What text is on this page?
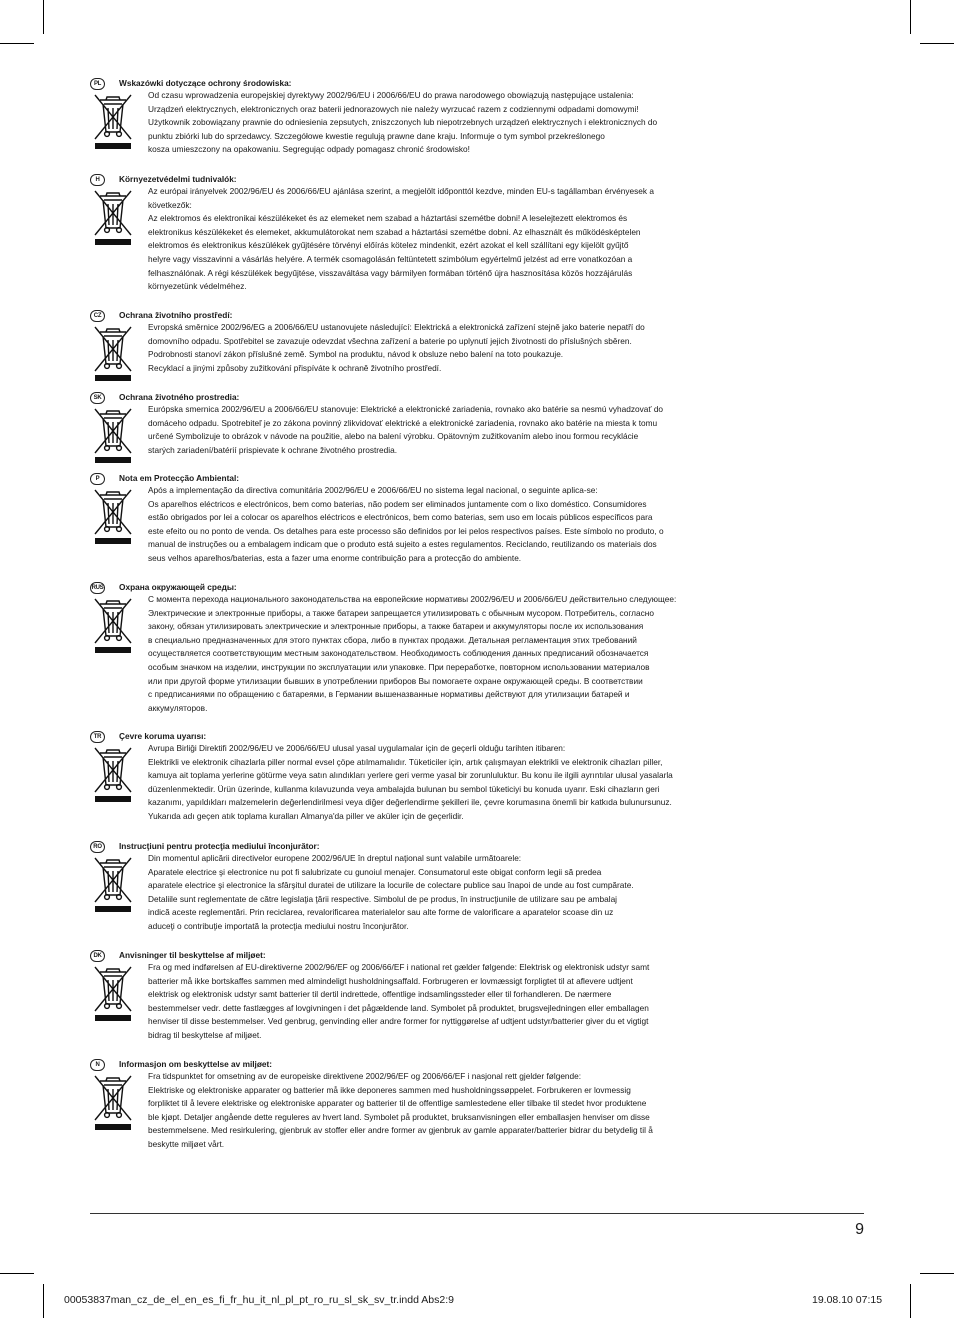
PL	Wskazówki dotyczące ochrony środowiska:
Od czasu wprowadzenia europejskiej dyrektywy 2002/96/EU i 2006/66/EU do prawa narodowego obowiązują następujące ustalenia:
Urządzeń elektrycznych, elektronicznych oraz baterii jednorazowych nie należy wyrzucać razem z codziennymi odpadami domowymi!
Użytkownik zobowiązany prawnie do odniesienia zepsutych, zniszczonych lub niepotrzebnych urządzeń elektrycznych i elektronicznych do
punktu zbiórki lub do sprzedawcy. Szczegółowe kwestie regulują prawne dane kraju. Informuje o tym symbol przekreślonego
kosza umieszczony na opakowaniu. Segregując odpady pomagasz chronić środowisko!
H	Környezetvédelmi tudnivalók:
Az európai irányelvek 2002/96/EU és 2006/66/EU ajánlása szerint, a megjelölt időponttól kezdve, minden EU-s tagállamban érvényesek a
következők:
Az elektromos és elektronikai készülékeket és az elemeket nem szabad a háztartási szemétbe dobni! A leselejtezett elektromos és
elektronikus készülékeket és elemeket, akkumulátorokat nem szabad a háztartási szemétbe dobni. Az elhasznált és működésképtelen
elektromos és elektronikus készülékek gyűjtésére törvényi előírás kötelez mindenkit, ezért azokat el kell szállítani egy kijelölt gyűjtő
helyre vagy visszavinni a vásárlás helyére. A termék csomagolásán feltüntetett szimbólum egyértelmű jelzést ad erre vonatkozóan a
felhasználónak. A régi készülékek begyűjtése, visszaváltása vagy bármilyen formában történő újra hasznosítása közös hozzájárulás
környezetünk védelméhez.
CZ	Ochrana životního prostředí:
Evropská směrnice 2002/96/EG a 2006/66/EU ustanovujete následující: Elektrická a elektronická zařízení stejně jako baterie nepatří do
domovního odpadu. Spotřebitel se zavazuje odevzdat všechna zařízení a baterie po uplynutí jejich životnosti do příslušných sběren.
Podrobnosti stanoví zákon příslušné země. Symbol na produktu, návod k obsluze nebo balení na toto poukazuje.
Recyklací a jinými způsoby zužitkování přispíváte k ochraně životního prostředí.
SK	Ochrana životného prostredia:
Európska smernica 2002/96/EU a 2006/66/EU stanovuje: Elektrické a elektronické zariadenia, rovnako ako batérie sa nesmú vyhadzovať do
domáceho odpadu. Spotrebiteľ je zo zákona povinný zlikvidovať elektrické a elektronické zariadenia, rovnako ako batérie na miesta k tomu
určené Symbolizuje to obrázok v návode na použitie, alebo na balení výrobku. Opätovným zužitkovaním alebo inou formou recyklácie
starých zariadení/batérií prispievate k ochrane životného prostredia.
P	Nota em Protecção Ambiental:
Após a implementação da directiva comunitária 2002/96/EU e 2006/66/EU no sistema legal nacional, o seguinte aplica-se:
Os aparelhos eléctricos e electrónicos, bem como baterias, não podem ser eliminados juntamente com o lixo doméstico. Consumidores
estão obrigados por lei a colocar os aparelhos eléctricos e electrónicos, bem como baterias, sem uso em locais públicos específicos para
este efeito ou no ponto de venda. Os detalhes para este processo são definidos por lei pelos respectivos países. Este símbolo no produto, o
manual de instruções ou a embalagem indicam que o produto está sujeito a estes regulamentos. Reciclando, reutilizando os materiais dos
seus velhos aparelhos/baterias, esta a fazer uma enorme contribuição para a protecção do ambiente.
RUS Охрана окружающей среды:
С момента перехода национального законодательства на европейские нормативы 2002/96/EU и 2006/66/EU действительно следующее:
Электрические и электронные приборы, а также батареи запрещается утилизировать с обычным мусором. Потребитель, согласно
закону, обязан утилизировать электрические и электронные приборы, а также батареи и аккумуляторы после их использования
в специально предназначенных для этого пунктах сбора, либо в пунктах продажи. Детальная регламентация этих требований
осуществляется соответствующим местным законодательством. Необходимость соблюдения данных предписаний обозначается
особым значком на изделии, инструкции по эксплуатации или упаковке. При переработке, повторном использовании материалов
или при другой форме утилизации бывших в употреблении приборов Вы помогаете охране окружающей среды. В соответствии
с предписаниями по обращению с батареями, в Германии вышеназванные нормативы действуют для утилизации батарей и
аккумуляторов.
TR	Çevre koruma uyarısı:
Avrupa Birliği Direktifi 2002/96/EU ve 2006/66/EU ulusal yasal uygulamalar için de geçerli olduğu tarihten itibaren:
Elektrikli ve elektronik cihazlarla piller normal evsel çöpe atılmamalıdır. Tüketiciler için, artık çalışmayan elektrikli ve elektronik cihazları piller,
kamuya ait toplama yerlerine götürme veya satın alındıkları yerlere geri verme yasal bir zorunluluktur. Bu konu ile ilgili ayrıntılar ulusal yasalarla
düzenlenmektedir. Ürün üzerinde, kullanma kılavuzunda veya ambalajda bulunan bu sembol tüketiciyi bu konuda uyarır. Eski cihazların geri
kazanımı, yapıldıkları malzemelerin değerlendirilmesi veya diğer değerlendirme şekilleri ile, çevre korumasına önemli bir katkıda bulunursunuz.
Yukarıda adı geçen atık toplama kuralları Almanya'da piller ve aküler için de geçerlidir.
RO	Instrucţiuni pentru protecţia mediului înconjurător:
Din momentul aplicării directivelor europene 2002/96/UE în dreptul naţional sunt valabile următoarele:
Aparatele electrice şi electronice nu pot fi salubrizate cu gunoiul menajer. Consumatorul este obigat conform legii să predea
aparatele electrice şi electronice la sfârşitul duratei de utilizare la locurile de colectare publice sau înapoi de unde au fost cumpărate.
Detaliile sunt reglementate de către legislaţia ţării respective. Simbolul de pe produs, în instrucţiunile de utilizare sau pe ambalaj
indică aceste reglementări. Prin reciclarea, revalorificarea materialelor sau alte forme de valorificare a aparatelor scoase din uz
aduceţi o contribuţie importată la protecţia mediului nostru înconjurător.
DK	Anvisninger til beskyttelse af miljøet:
Fra og med indførelsen af EU-direktiverne 2002/96/EF og 2006/66/EF i national ret gælder følgende: Elektrisk og elektronisk udstyr samt
batterier må ikke bortskaffes sammen med almindeligt husholdningsaffald. Forbrugeren er lovmæssigt forpligtet til at aflevere udtjent
elektrisk og elektronisk udstyr samt batterier til dertil indrettede, offentlige indsamlingssteder eller til forhandleren. De nærmere
bestemmelser vedr. dette fastlægges af lovgivningen i det pågældende land. Symbolet på produktet, brugsvejledningen eller emballagen
henviser til disse bestemmelser. Ved genbrug, genvinding eller andre former for nyttiggørelse af udtjent udstyr/batterier giver du et vigtigt
bidrag til beskyttelse af miljøet.
N	Informasjon om beskyttelse av miljøet:
Fra tidspunktet for omsetning av de europeiske direktivene 2002/96/EF og 2006/66/EF i nasjonal rett gjelder følgende:
Elektriske og elektroniske apparater og batterier må ikke deponeres sammen med husholdningssøppelet. Forbrukeren er lovmessig
forpliktet til å levere elektriske og elektroniske apparater og batterier til de offentlige samlestedene eller tilbake til stedet hvor produktene
ble kjøpt. Detaljer angående dette reguleres av hvert land. Symbolet på produktet, bruksanvisningen eller emballasjen henviser om disse
bestemmelsene. Med resirkulering, gjenbruk av stoffer eller andre former av gjenbruk av gamle apparater/batterier bidrar du betydelig til å
beskytte miljøet vårt.
9
00053837man_cz_de_el_en_es_fi_fr_hu_it_nl_pl_pt_ro_ru_sl_sk_sv_tr.indd Abs2:9	19.08.10 07:15
